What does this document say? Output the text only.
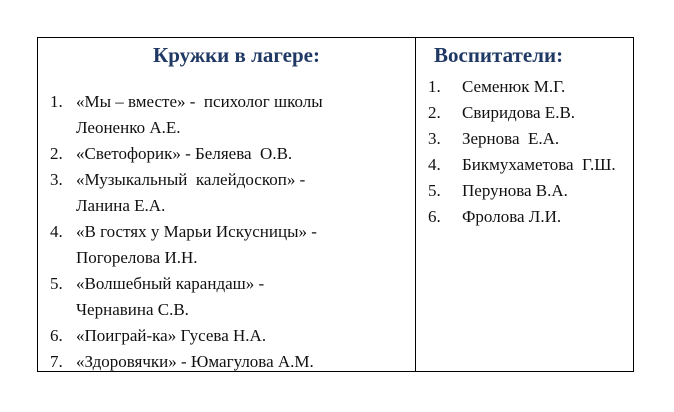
Кружки в лагере:
1. «Мы – вместе» -  психолог школы
Леоненко А.Е.
2. «Светофорик» - Беляева  О.В.
3. «Музыкальный  калейдоскоп» -
Ланина Е.А.
4. «В гостях у Марьи Искусницы» -
Погорелова И.Н.
5. «Волшебный карандаш» -
Чернавина С.В.
6. «Поиграй-ка» Гусева Н.А.
7. «Здоровячки» - Юмагулова А.М.
Воспитатели:
1.	Семенюк М.Г.
2.	Свиридова Е.В.
3.	Зернова  Е.А.
4.	Бикмухаметова  Г.Ш.
5.	Перунова В.А.
6.	Фролова Л.И.
